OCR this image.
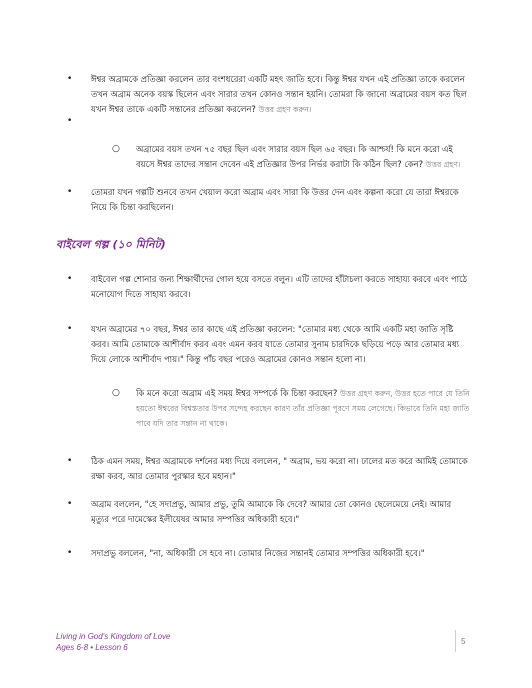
• ঈশ্বর অব্রামকে প্রতিজ্ঞা করলেন তার বংশধরেরা একটি মহৎ জাতি হবে। কিন্তু ঈশ্বর যখন এই প্রতিজ্ঞা তাকে করলেন তখন অব্রাম অনেক বয়স্ক ছিলেন এবং সারার তখন কোনও সন্তান হয়নি। তোমরা কি জানো অব্রামের বয়স কত ছিল যখন ঈশ্বর তাকে একটি সন্তানের প্রতিজ্ঞা করলেন? উত্তর গ্রহণ করুন।
•
○ অব্রামের বয়স তখন ৭৫ বছর ছিল এবং সারার বয়স ছিল ৬৫ বছর। কি আশ্চর্য! কি মনে করো এই বয়সে ঈশ্বর তাদের সন্তান দেবেন এই প্রতিজ্ঞার উপর নির্ভর করাটা কি কঠিন ছিল? কেন? উত্তর গ্রহণ।
• তোমরা যখন গল্পটি শুনবে তখন খেয়াল করো অব্রাম এবং সারা কি উত্তর দেন এবং কল্পনা করো যে তারা ঈশ্বরকে নিয়ে কি চিন্তা করছিলেন।
বাইবেল গল্প (১০ মিনিট)
• বাইবেল গল্প শোনার জন্য শিক্ষার্থীদের গোল হয়ে বসতে বলুন। এটি তাদের হাঁটাচলা করতে সাহায্য করবে এবং পাঠে মনোযোগ দিতে সাহায্য করবে।
• যখন অব্রামের ৭০ বছর, ঈশ্বর তার কাছে এই প্রতিজ্ঞা করলেন: "তোমার মধ্য থেকে আমি একটি মহা জাতি সৃষ্টি করব। আমি তোমাকে আশীর্বাদ করব এবং এমন করব যাতে তোমার সুনাম চারদিকে ছড়িয়ে পড়ে আর তোমার মধ্য দিয়ে লোকে আশীর্বাদ পায়।" কিন্তু পাঁচ বছর পরেও অব্রামের কোনও সন্তান হলো না।
○ কি মনে করো অব্রাম এই সময় ঈশ্বর সম্পর্কে কি চিন্তা করছেন? উত্তর গ্রহণ করুন, উত্তর হতে পারে যে তিনি হয়তো ঈশ্বরের বিশ্বস্ততার উপর সন্দেহ করছেন কারণ তাঁর প্রতিজ্ঞা পূরণে সময় লেগেছে। কিভাবে তিনি মহা জাতি পাবে যদি তার সন্তান না থাকে।
• ঠিক এমন সময়, ঈশ্বর অব্রামকে দর্শনের মধ্য দিয়ে বললেন, " অব্রাম, ভয় করো না। ঢালের মত করে আমিই তোমাকে রক্ষা করব, আর তোমার পুরস্কার হবে মহান।"
• অব্রাম বললেন, "হে সদাপ্রভু, আমার প্রভু, তুমি আমাকে কি দেবে? আমার তো কোনও ছেলেমেয়ে নেই। আমার মৃত্যুর পরে দামেস্কের ইলীয়েষর আমার সম্পত্তির অধিকারী হবে।"
• সদাপ্রভু বললেন, "না, অধিকারী সে হবে না। তোমার নিজের সন্তানই তোমার সম্পত্তির অধিকারী হবে।"
Living in God's Kingdom of Love
Ages 6-8 • Lesson 6
5
